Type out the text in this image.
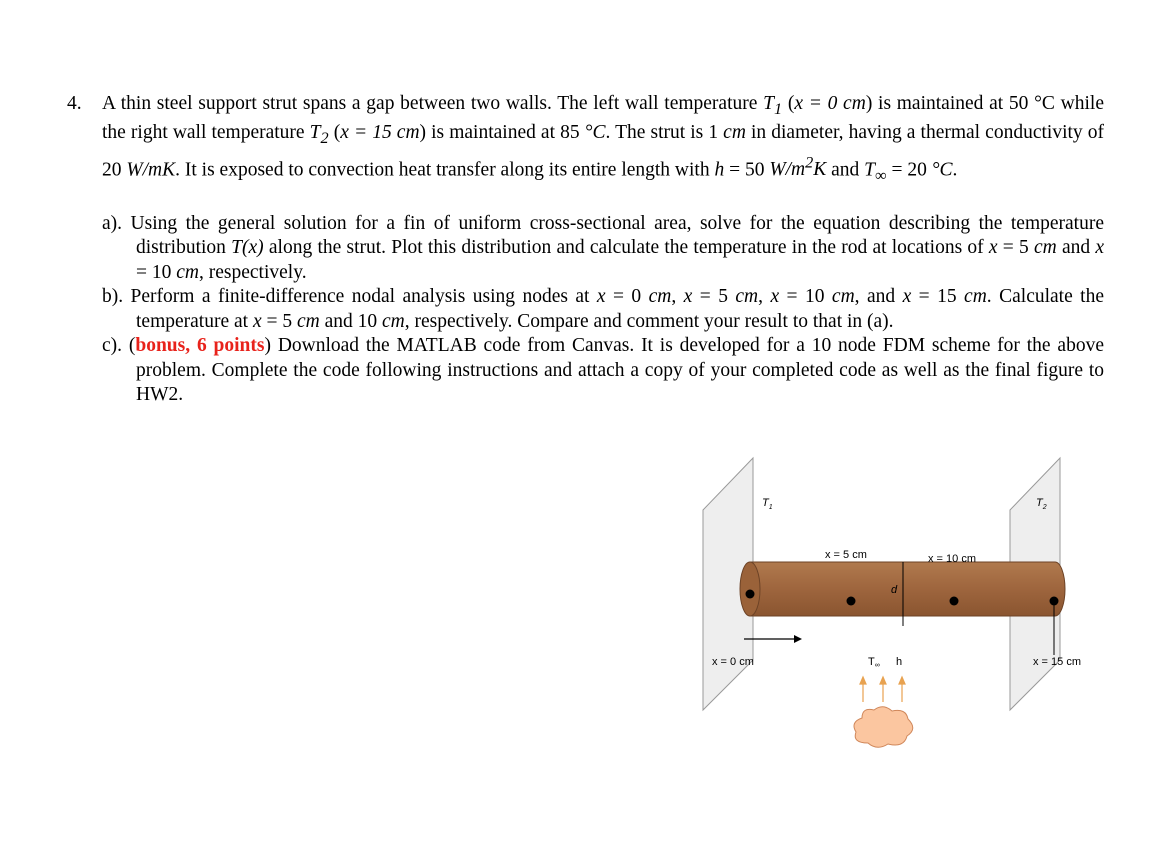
4. A thin steel support strut spans a gap between two walls. The left wall temperature $T_1$ (x = 0 cm) is maintained at 50 °C while the right wall temperature $T_2$ (x = 15 cm) is maintained at 85 °C. The strut is 1 cm in diameter, having a thermal conductivity of 20 W/mK. It is exposed to convection heat transfer along its entire length with h = 50 $W/m^2K$ and $T_\infty = 20$ °C.

a). Using the general solution for a fin of uniform cross-sectional area, solve for the equation describing the temperature distribution T(x) along the strut. Plot this distribution and calculate the temperature in the rod at locations of x = 5 cm and x = 10 cm, respectively.

b). Perform a finite-difference nodal analysis using nodes at x = 0 cm, x = 5 cm, x = 10 cm, and x = 15 cm. Calculate the temperature at x = 5 cm and 10 cm, respectively. Compare and comment your result to that in (a).

c). (bonus, 6 points) Download the MATLAB code from Canvas. It is developed for a 10 node FDM scheme for the above problem. Complete the code following instructions and attach a copy of your completed code as well as the final figure to HW2.

$T_1$	$T_2$
x = 5 cm	x = 10 cm
d
x = 0 cm	x = 15 cm
T∞ h
